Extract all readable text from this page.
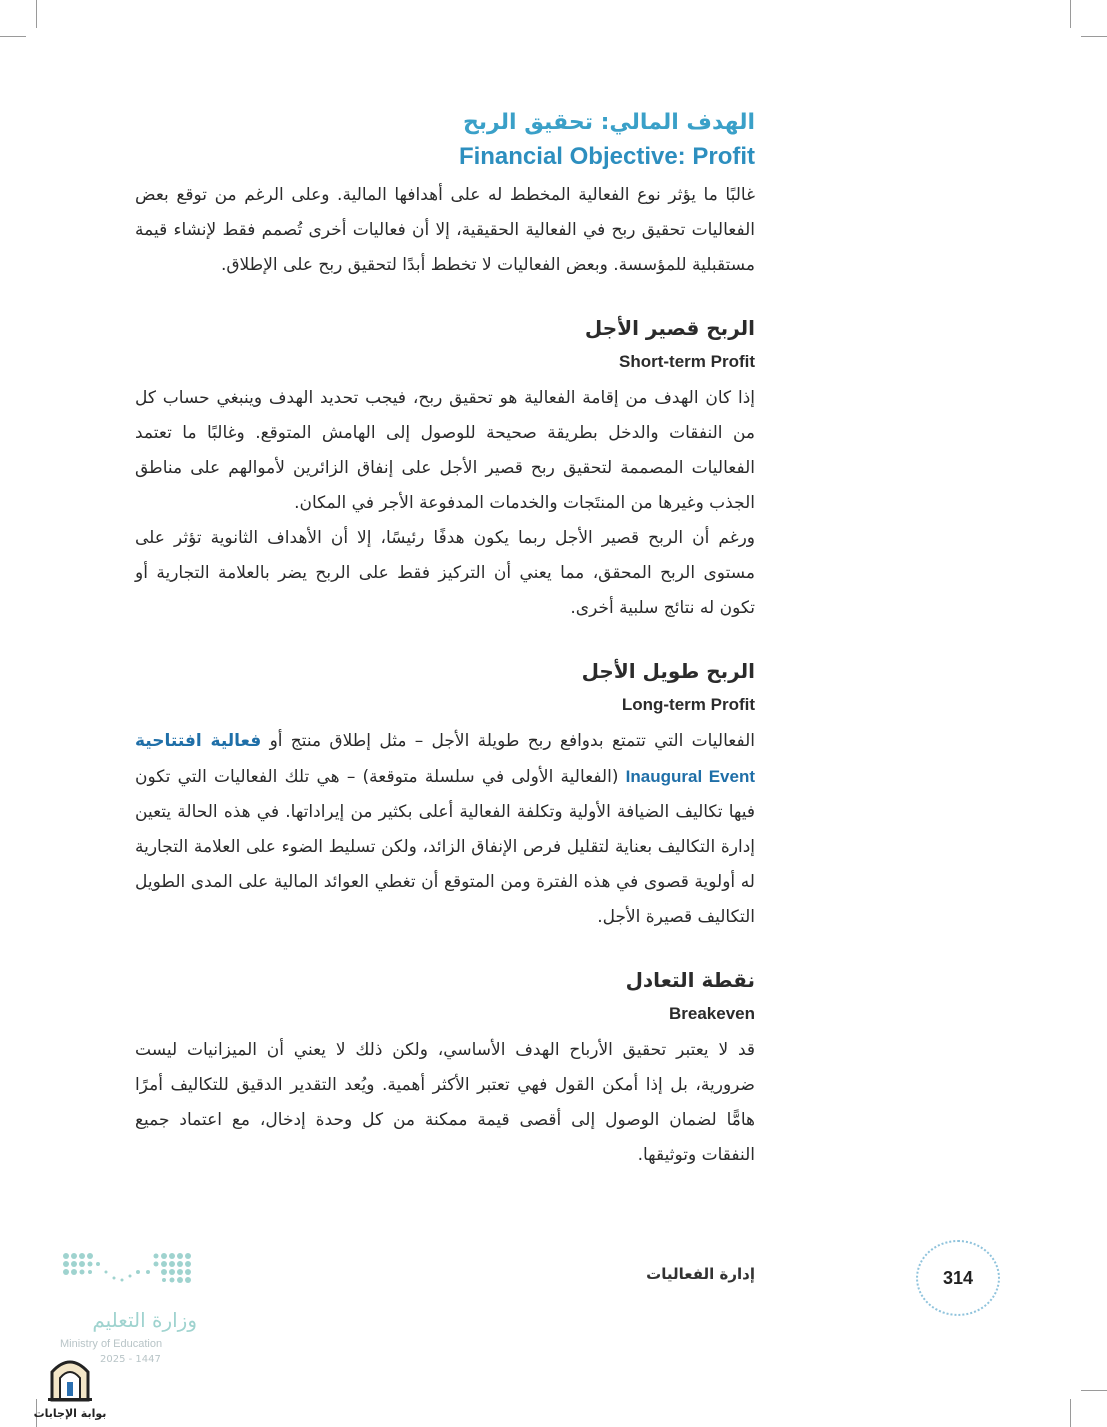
الهدف المالي: تحقيق الربح
Financial Objective: Profit

غالبًا ما يؤثر نوع الفعالية المخطط له على أهدافها المالية. وعلى الرغم من توقع بعض الفعاليات تحقيق ربح في الفعالية الحقيقية، إلا أن فعاليات أخرى تُصمم فقط لإنشاء قيمة مستقبلية للمؤسسة. وبعض الفعاليات لا تخطط أبدًا لتحقيق ربح على الإطلاق.

الربح قصير الأجل
Short-term Profit

إذا كان الهدف من إقامة الفعالية هو تحقيق ربح، فيجب تحديد الهدف وينبغي حساب كل من النفقات والدخل بطريقة صحيحة للوصول إلى الهامش المتوقع. وغالبًا ما تعتمد الفعاليات المصممة لتحقيق ربح قصير الأجل على إنفاق الزائرين لأموالهم على مناطق الجذب وغيرها من المنتَجات والخدمات المدفوعة الأجر في المكان.

ورغم أن الربح قصير الأجل ربما يكون هدفًا رئيسًا، إلا أن الأهداف الثانوية تؤثر على مستوى الربح المحقق، مما يعني أن التركيز فقط على الربح يضر بالعلامة التجارية أو تكون له نتائج سلبية أخرى.

الربح طويل الأجل
Long-term Profit

الفعاليات التي تتمتع بدوافع ربح طويلة الأجل – مثل إطلاق منتج أو فعالية افتتاحية Inaugural Event (الفعالية الأولى في سلسلة متوقعة) – هي تلك الفعاليات التي تكون فيها تكاليف الضيافة الأولية وتكلفة الفعالية أعلى بكثير من إيراداتها. في هذه الحالة يتعين إدارة التكاليف بعناية لتقليل فرص الإنفاق الزائد، ولكن تسليط الضوء على العلامة التجارية له أولوية قصوى في هذه الفترة ومن المتوقع أن تغطي العوائد المالية على المدى الطويل التكاليف قصيرة الأجل.

نقطة التعادل
Breakeven

قد لا يعتبر تحقيق الأرباح الهدف الأساسي، ولكن ذلك لا يعني أن الميزانيات ليست ضرورية، بل إذا أمكن القول فهي تعتبر الأكثر أهمية. ويُعد التقدير الدقيق للتكاليف أمرًا هامًّا لضمان الوصول إلى أقصى قيمة ممكنة من كل وحدة إدخال، مع اعتماد جميع النفقات وتوثيقها.

إدارة الفعاليات	314
وزارة التعليم
Ministry of Education
2025 - 1447
بوابة الإجابات
